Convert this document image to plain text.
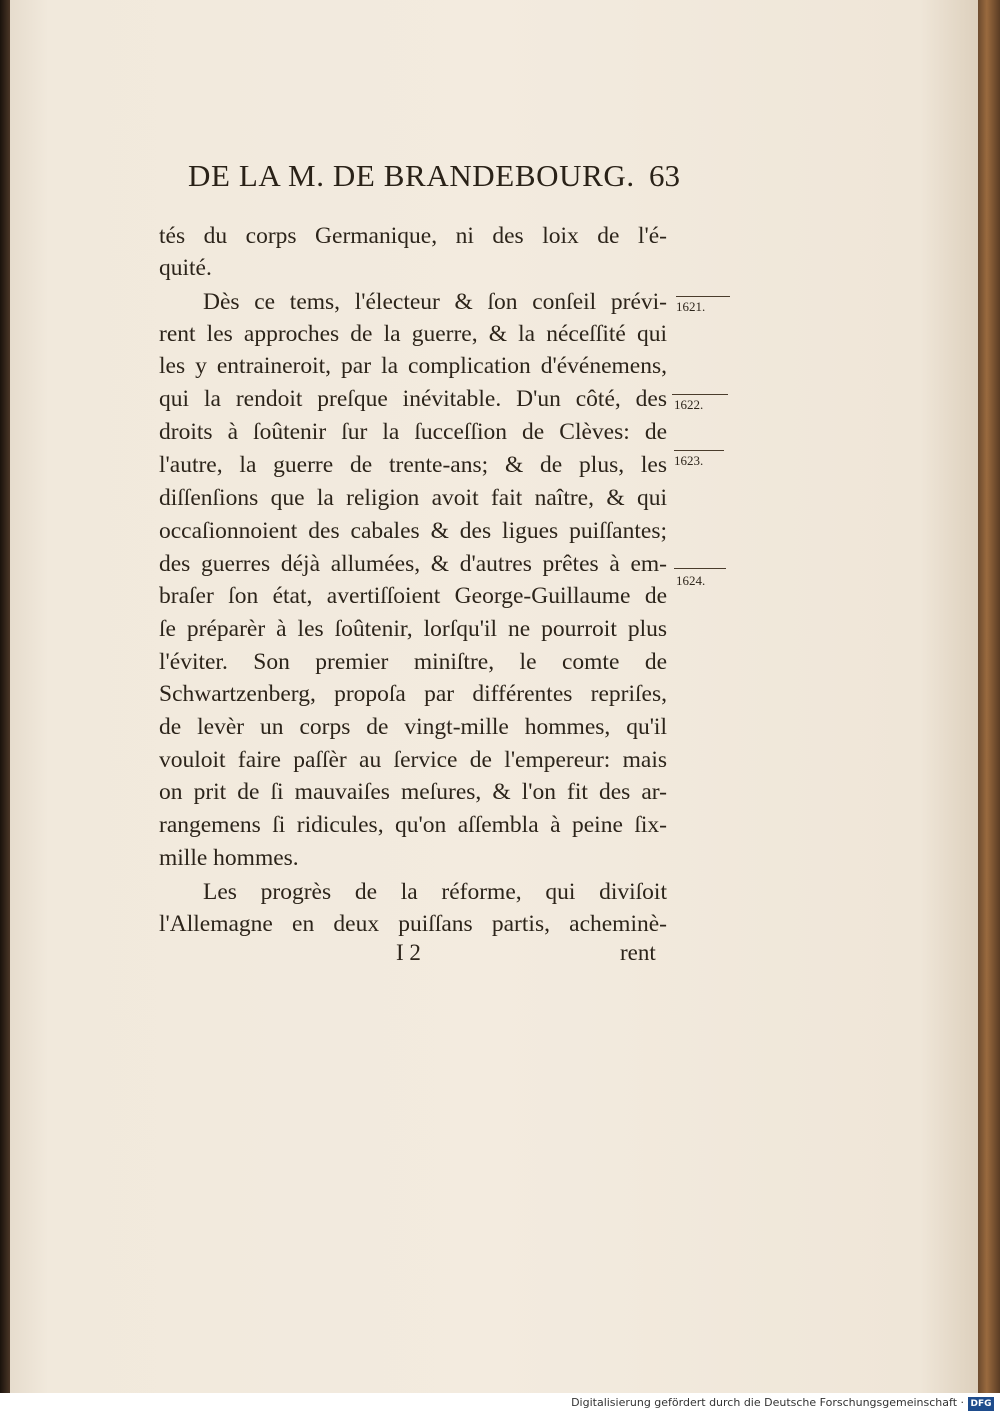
DE LA M. DE BRANDEBOURG. 63
tés du corps Germanique, ni des loix de l'é-
quité.
Dès ce tems, l'électeur & ſon conſeil prévi-
rent les approches de la guerre, & la néceſſité qui
les y entraineroit, par la complication d'événemens,
qui la rendoit preſque inévitable. D'un côté, des
droits à ſoûtenir ſur la ſucceſſion de Clèves: de
l'autre, la guerre de trente-ans; & de plus, les
diſſenſions que la religion avoit fait naître, & qui
occaſionnoient des cabales & des ligues puiſſantes;
des guerres déjà allumées, & d'autres prêtes à em-
braſer ſon état, avertiſſoient George-Guillaume de
ſe préparèr à les ſoûtenir, lorſqu'il ne pourroit plus
l'éviter. Son premier miniſtre, le comte de
Schwartzenberg, propoſa par différentes repriſes,
de levèr un corps de vingt-mille hommes, qu'il
vouloit faire paſſèr au ſervice de l'empereur: mais
on prit de ſi mauvaiſes meſures, & l'on fit des ar-
rangemens ſi ridicules, qu'on aſſembla à peine ſix-
mille hommes.
Les progrès de la réforme, qui diviſoit
l'Allemagne en deux puiſſans partis, acheminè-
1621.
1622.
1623.
1624.
I 2	rent
Digitalisierung gefördert durch die Deutsche Forschungsgemeinschaft · DFG
